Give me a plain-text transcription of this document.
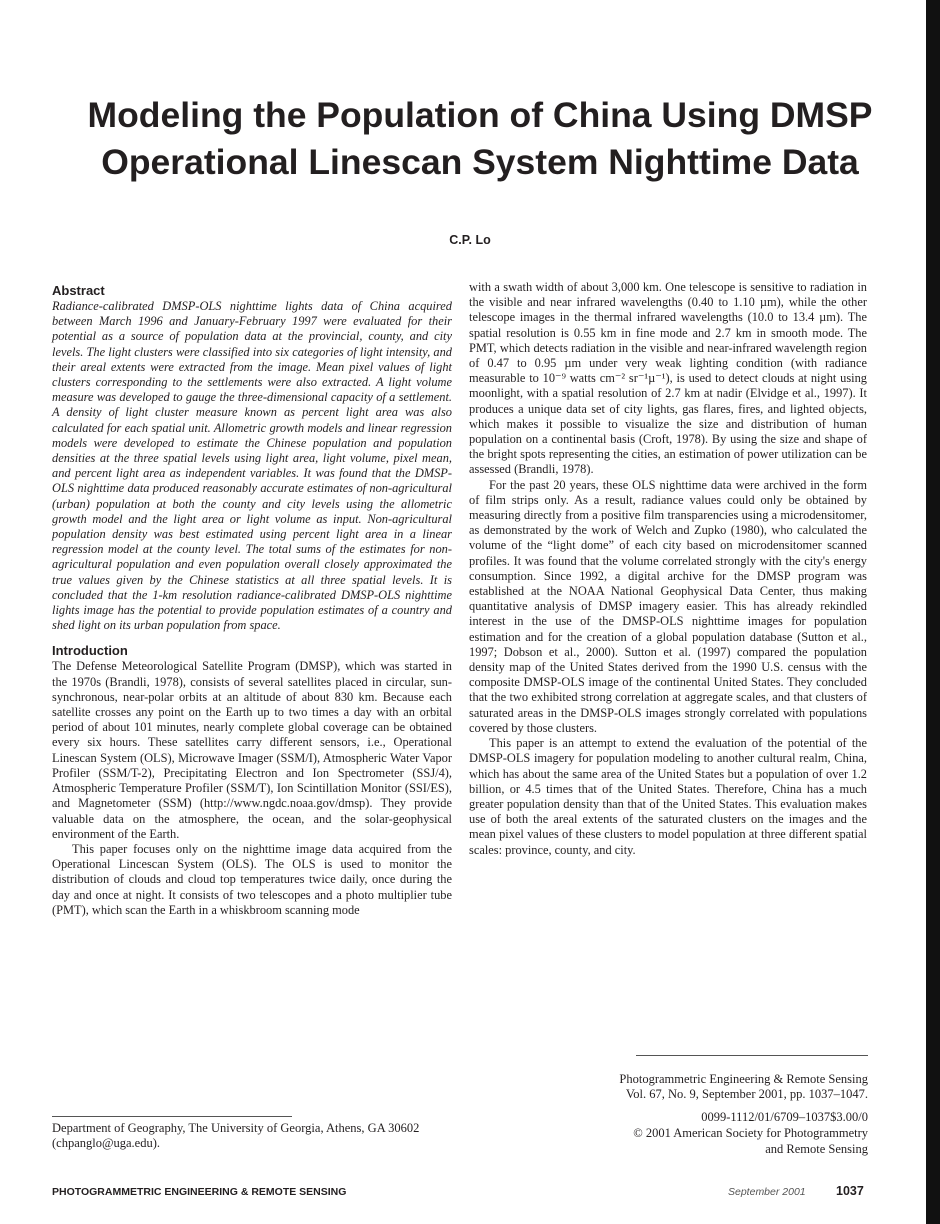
Modeling the Population of China Using DMSP
Operational Linescan System Nighttime Data
C.P. Lo
Abstract

Radiance-calibrated DMSP-OLS nighttime lights data of China acquired between March 1996 and January-February 1997 were evaluated for their potential as a source of population data at the provincial, county, and city levels. The light clusters were classified into six categories of light intensity, and their areal extents were extracted from the image. Mean pixel values of light clusters corresponding to the settlements were also extracted. A light volume measure was developed to gauge the three-dimensional capacity of a settlement. A density of light cluster measure known as percent light area was also calculated for each spatial unit. Allometric growth models and linear regression models were developed to estimate the Chinese population and population densities at the three spatial levels using light area, light volume, pixel mean, and percent light area as independent variables. It was found that the DMSP-OLS nighttime data produced reasonably accurate estimates of non-agricultural (urban) population at both the county and city levels using the allometric growth model and the light area or light volume as input. Non-agricultural population density was best estimated using percent light area in a linear regression model at the county level. The total sums of the estimates for non-agricultural population and even population overall closely approximated the true values given by the Chinese statistics at all three spatial levels. It is concluded that the 1-km resolution radiance-calibrated DMSP-OLS nighttime lights image has the potential to provide population estimates of a country and shed light on its urban population from space.

Introduction

The Defense Meteorological Satellite Program (DMSP), which was started in the 1970s (Brandli, 1978), consists of several satellites placed in circular, sun-synchronous, near-polar orbits at an altitude of about 830 km. Because each satellite crosses any point on the Earth up to two times a day with an orbital period of about 101 minutes, nearly complete global coverage can be obtained every six hours. These satellites carry different sensors, i.e., Operational Linescan System (OLS), Microwave Imager (SSM/I), Atmospheric Water Vapor Profiler (SSM/T-2), Precipitating Electron and Ion Spectrometer (SSJ/4), Atmospheric Temperature Profiler (SSM/T), Ion Scintillation Monitor (SSI/ES), and Magnetometer (SSM) (http://www.ngdc.noaa.gov/dmsp). They provide valuable data on the atmosphere, the ocean, and the solar-geophysical environment of the Earth.

This paper focuses only on the nighttime image data acquired from the Operational Lincescan System (OLS). The OLS is used to monitor the distribution of clouds and cloud top temperatures twice daily, once during the day and once at night. It consists of two telescopes and a photo multiplier tube (PMT), which scan the Earth in a whiskbroom scanning mode

with a swath width of about 3,000 km. One telescope is sensitive to radiation in the visible and near infrared wavelengths (0.40 to 1.10 µm), while the other telescope images in the thermal infrared wavelengths (10.0 to 13.4 µm). The spatial resolution is 0.55 km in fine mode and 2.7 km in smooth mode. The PMT, which detects radiation in the visible and near-infrared wavelength region of 0.47 to 0.95 µm under very weak lighting condition (with radiance measurable to 10⁻⁹ watts cm⁻² sr⁻¹µ⁻¹), is used to detect clouds at night using moonlight, with a spatial resolution of 2.7 km at nadir (Elvidge et al., 1997). It produces a unique data set of city lights, gas flares, fires, and lighted objects, which makes it possible to visualize the size and distribution of human population on a continental basis (Croft, 1978). By using the size and shape of the bright spots representing the cities, an estimation of power utilization can be assessed (Brandli, 1978).

For the past 20 years, these OLS nighttime data were archived in the form of film strips only. As a result, radiance values could only be obtained by measuring directly from a positive film transparencies using a microdensitomer, as demonstrated by the work of Welch and Zupko (1980), who calculated the volume of the “light dome” of each city based on microdensitomer scanned profiles. It was found that the volume correlated strongly with the city's energy consumption. Since 1992, a digital archive for the DMSP program was established at the NOAA National Geophysical Data Center, thus making quantitative analysis of DMSP imagery easier. This has already rekindled interest in the use of the DMSP-OLS nighttime images for population estimation and for the creation of a global population database (Sutton et al., 1997; Dobson et al., 2000). Sutton et al. (1997) compared the population density map of the United States derived from the 1990 U.S. census with the composite DMSP-OLS image of the continental United States. They concluded that the two exhibited strong correlation at aggregate scales, and that clusters of saturated areas in the DMSP-OLS images strongly correlated with populations covered by those clusters.

This paper is an attempt to extend the evaluation of the potential of the DMSP-OLS imagery for population modeling to another cultural realm, China, which has about the same area of the United States but a population of over 1.2 billion, or 4.5 times that of the United States. Therefore, China has a much greater population density than that of the United States. This evaluation makes use of both the areal extents of the saturated clusters on the images and the mean pixel values of these clusters to model population at three different spatial scales: province, county, and city.

Photogrammetric Engineering & Remote Sensing
Vol. 67, No. 9, September 2001, pp. 1037–1047.
0099-1112/01/6709–1037$3.00/0
© 2001 American Society for Photogrammetry
and Remote Sensing
Department of Geography, The University of Georgia, Athens, GA 30602 (chpanglo@uga.edu).
PHOTOGRAMMETRIC ENGINEERING & REMOTE SENSING	September 2001 1037
